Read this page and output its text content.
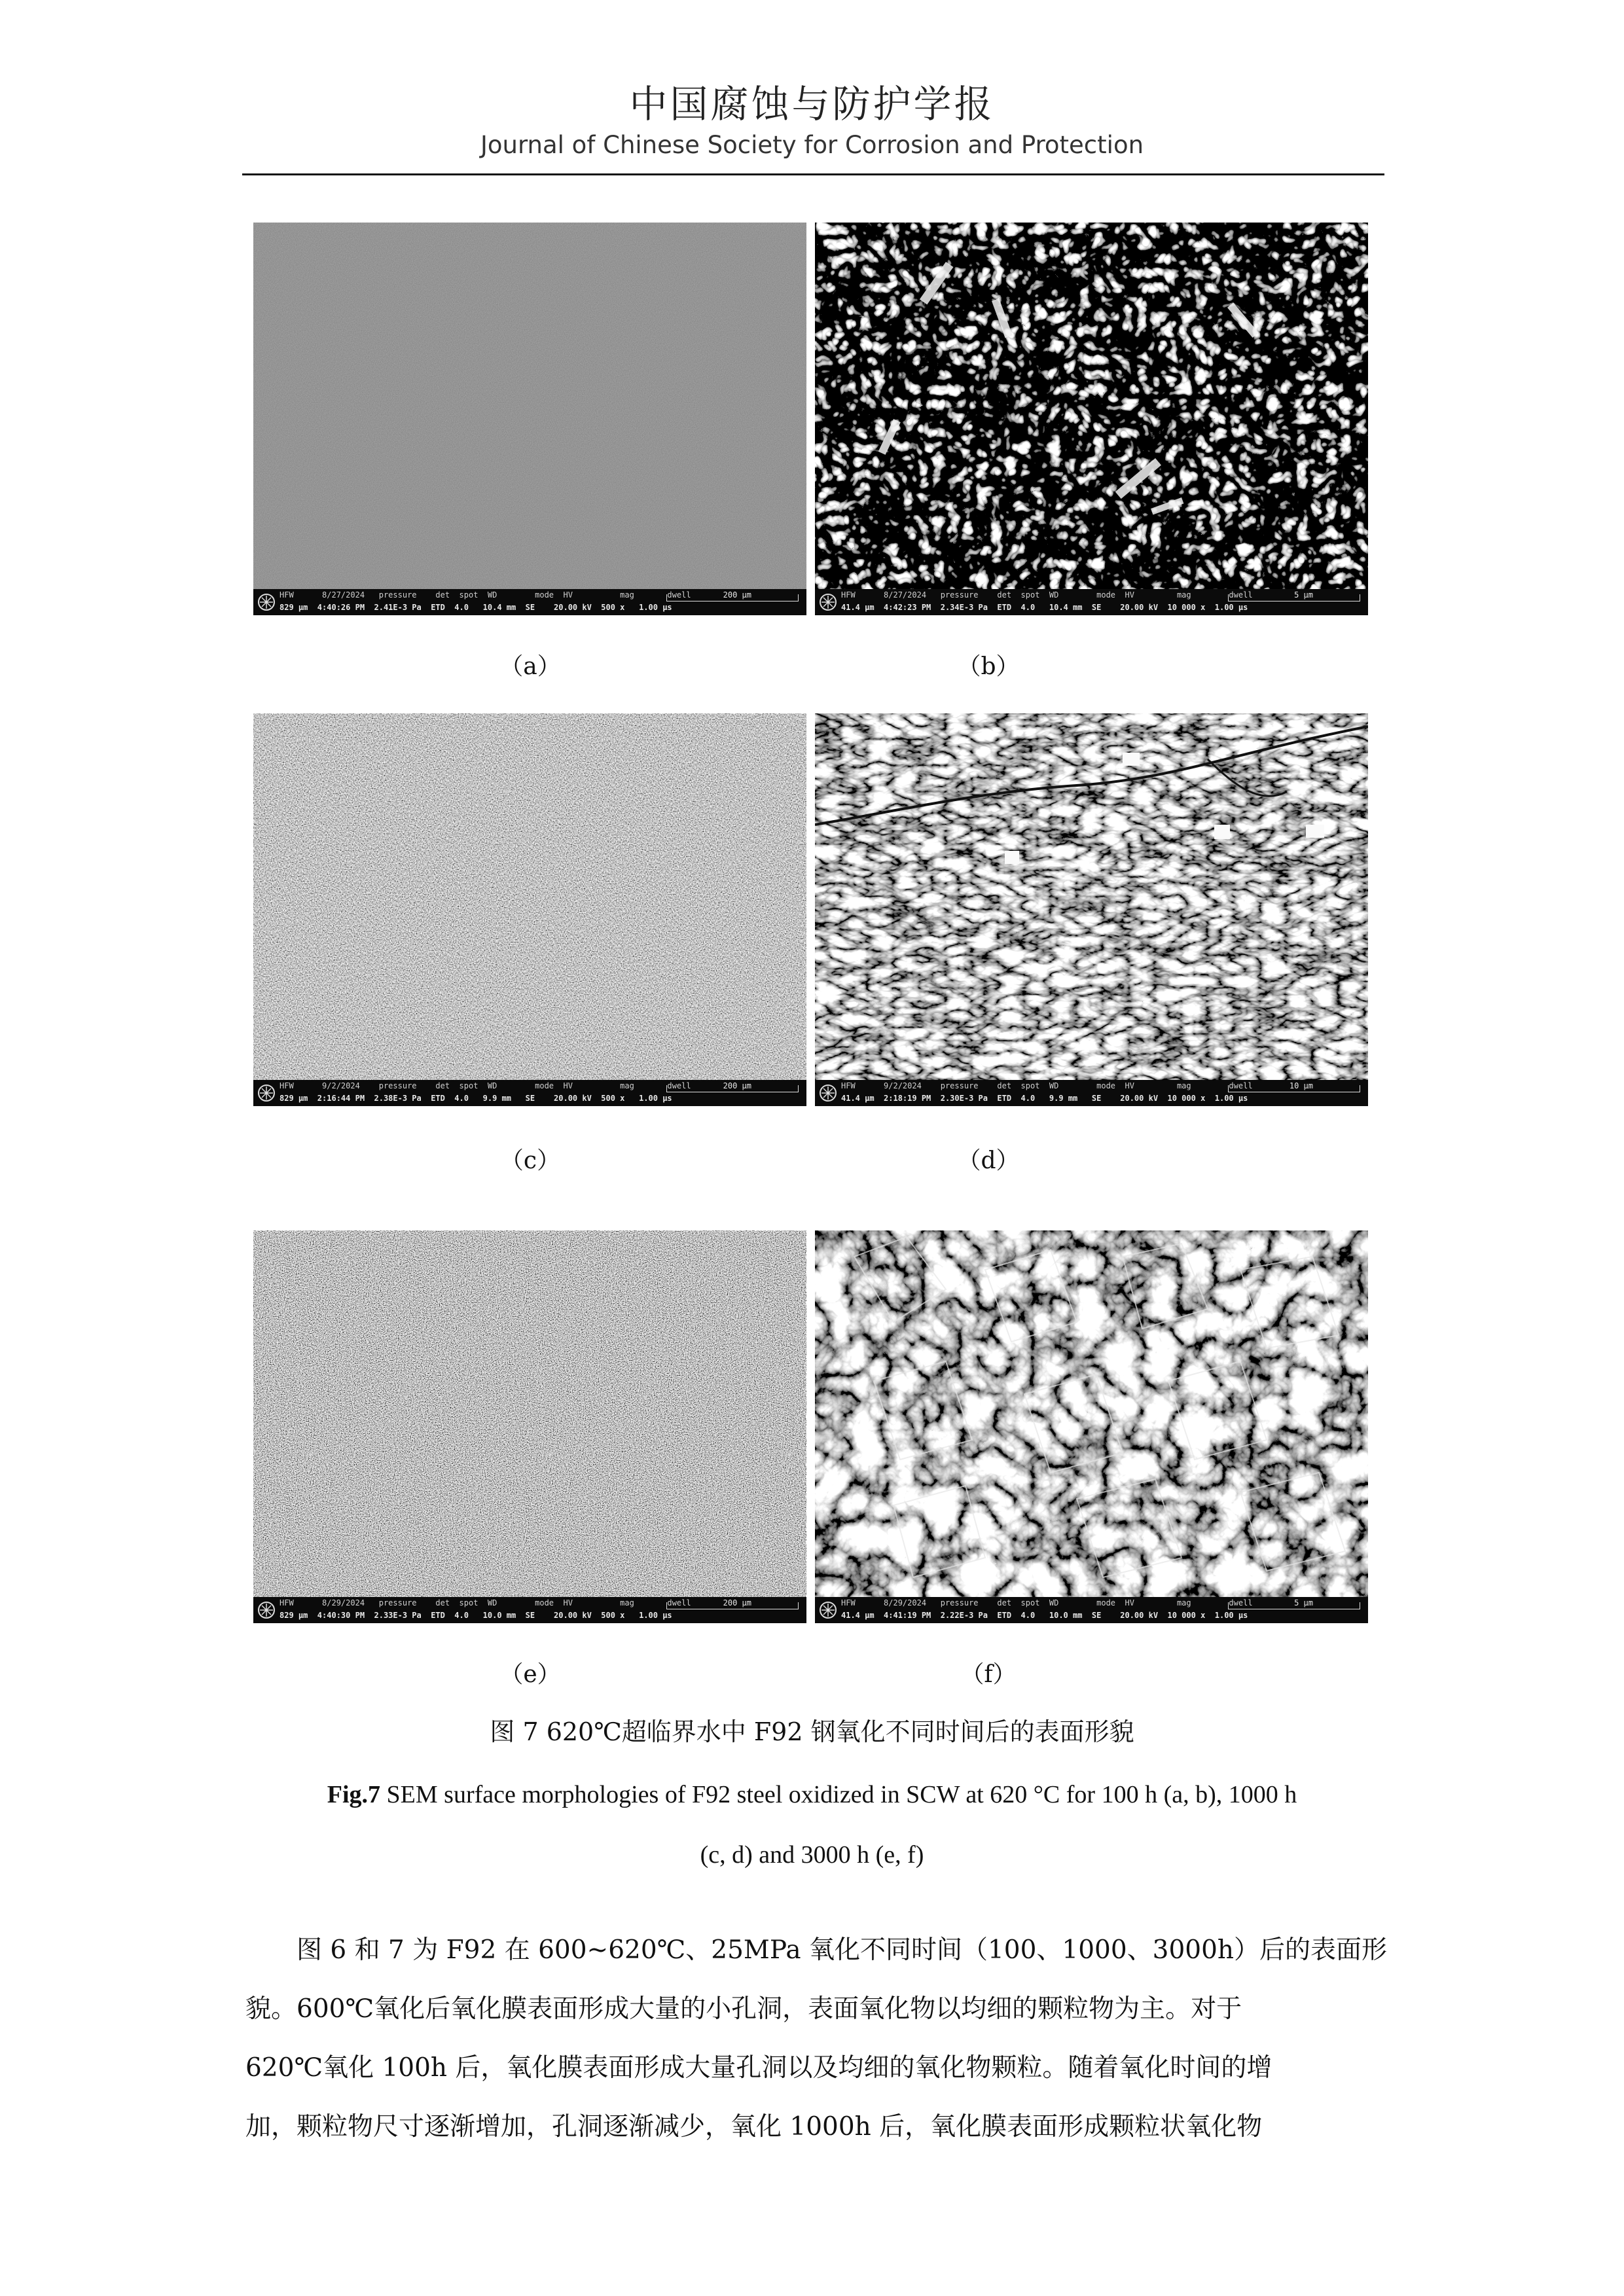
中国腐蚀与防护学报
Journal of Chinese Society for Corrosion and Protection
HFW      8/27/2024   pressure    det  spot  WD        mode  HV          mag       dwell
829 μm  4:40:26 PM  2.41E-3 Pa  ETD  4.0   10.4 mm  SE    20.00 kV  500 x   1.00 μs
200 μm	HFW      8/27/2024   pressure    det  spot  WD        mode  HV         mag        dwell
41.4 μm  4:42:23 PM  2.34E-3 Pa  ETD  4.0   10.4 mm  SE    20.00 kV  10 000 x  1.00 μs
5 μm
（a）	（b）
HFW      9/2/2024    pressure    det  spot  WD        mode  HV          mag       dwell
829 μm  2:16:44 PM  2.38E-3 Pa  ETD  4.0   9.9 mm   SE    20.00 kV  500 x   1.00 μs
200 μm	HFW      9/2/2024    pressure    det  spot  WD        mode  HV         mag        dwell
41.4 μm  2:18:19 PM  2.30E-3 Pa  ETD  4.0   9.9 mm   SE    20.00 kV  10 000 x  1.00 μs
10 μm
（c）	（d）
HFW      8/29/2024   pressure    det  spot  WD        mode  HV          mag       dwell
829 μm  4:40:30 PM  2.33E-3 Pa  ETD  4.0   10.0 mm  SE    20.00 kV  500 x   1.00 μs
200 μm	HFW      8/29/2024   pressure    det  spot  WD        mode  HV         mag        dwell
41.4 μm  4:41:19 PM  2.22E-3 Pa  ETD  4.0   10.0 mm  SE    20.00 kV  10 000 x  1.00 μs
5 μm
（e）	（f）
图 7 620℃超临界水中 F92 钢氧化不同时间后的表面形貌
Fig.7 SEM surface morphologies of F92 steel oxidized in SCW at 620 °C for 100 h (a, b), 1000 h
(c, d) and 3000 h (e, f)
　　图 6 和 7 为 F92 在 600~620℃、25MPa 氧化不同时间（100、1000、3000h）后的表面形
貌。600℃氧化后氧化膜表面形成大量的小孔洞，表面氧化物以均细的颗粒物为主。对于
620℃氧化 100h 后，氧化膜表面形成大量孔洞以及均细的氧化物颗粒。随着氧化时间的增
加，颗粒物尺寸逐渐增加，孔洞逐渐减少，氧化 1000h 后，氧化膜表面形成颗粒状氧化物
